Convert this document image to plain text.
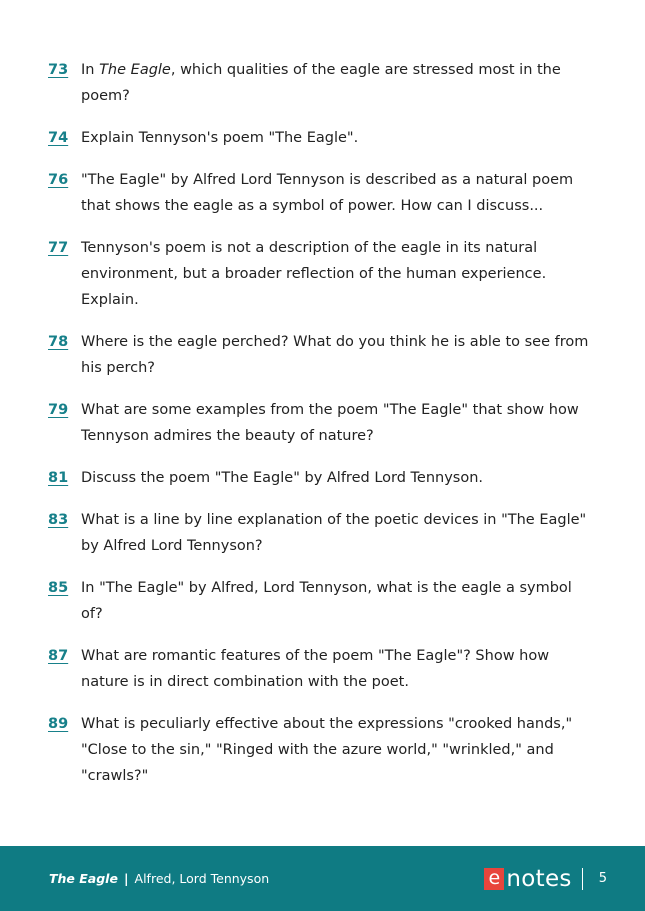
73 In The Eagle, which qualities of the eagle are stressed most in the poem?
74 Explain Tennyson's poem "The Eagle".
76 "The Eagle" by Alfred Lord Tennyson is described as a natural poem that shows the eagle as a symbol of power. How can I discuss...
77 Tennyson's poem is not a description of the eagle in its natural environment, but a broader reflection of the human experience. Explain.
78 Where is the eagle perched? What do you think he is able to see from his perch?
79 What are some examples from the poem "The Eagle" that show how Tennyson admires the beauty of nature?
81 Discuss the poem "The Eagle" by Alfred Lord Tennyson.
83 What is a line by line explanation of the poetic devices in "The Eagle" by Alfred Lord Tennyson?
85 In "The Eagle" by Alfred, Lord Tennyson, what is the eagle a symbol of?
87 What are romantic features of the poem "The Eagle"? Show how nature is in direct combination with the poet.
89 What is peculiarly effective about the expressions "crooked hands," "Close to the sin," "Ringed with the azure world," "wrinkled," and "crawls?"
The Eagle | Alfred, Lord Tennyson	e notes 5
